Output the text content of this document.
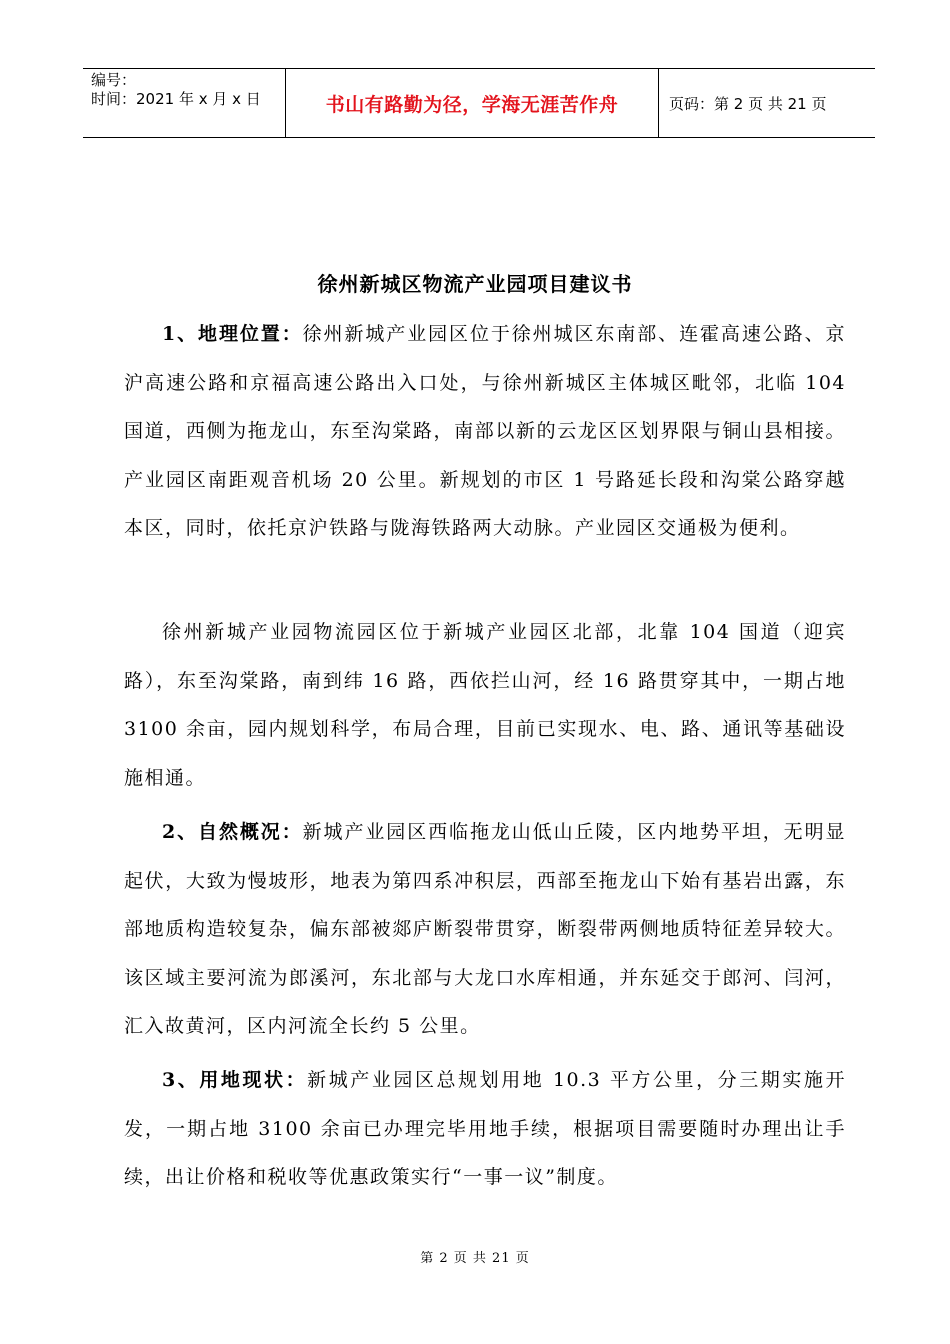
编号：
时间：2021 年 x 月 x 日	书山有路勤为径，学海无涯苦作舟	页码：第 2 页 共 21 页
徐州新城区物流产业园项目建议书
1、地理位置：徐州新城产业园区位于徐州城区东南部、连霍高速公路、京沪高速公路和京福高速公路出入口处，与徐州新城区主体城区毗邻，北临 104 国道，西侧为拖龙山，东至沟棠路，南部以新的云龙区区划界限与铜山县相接。产业园区南距观音机场 20 公里。新规划的市区 1 号路延长段和沟棠公路穿越本区，同时，依托京沪铁路与陇海铁路两大动脉。产业园区交通极为便利。
徐州新城产业园物流园区位于新城产业园区北部，北靠 104 国道（迎宾路），东至沟棠路，南到纬 16 路，西依拦山河，经 16 路贯穿其中，一期占地 3100 余亩，园内规划科学，布局合理，目前已实现水、电、路、通讯等基础设施相通。
2、自然概况：新城产业园区西临拖龙山低山丘陵，区内地势平坦，无明显起伏，大致为慢坡形，地表为第四系冲积层，西部至拖龙山下始有基岩出露，东部地质构造较复杂，偏东部被郯庐断裂带贯穿，断裂带两侧地质特征差异较大。该区域主要河流为郎溪河，东北部与大龙口水库相通，并东延交于郎河、闫河，汇入故黄河，区内河流全长约 5 公里。
3、用地现状：新城产业园区总规划用地 10.3 平方公里，分三期实施开发，一期占地 3100 余亩已办理完毕用地手续，根据项目需要随时办理出让手续，出让价格和税收等优惠政策实行“一事一议”制度。
第 2 页 共 21 页
